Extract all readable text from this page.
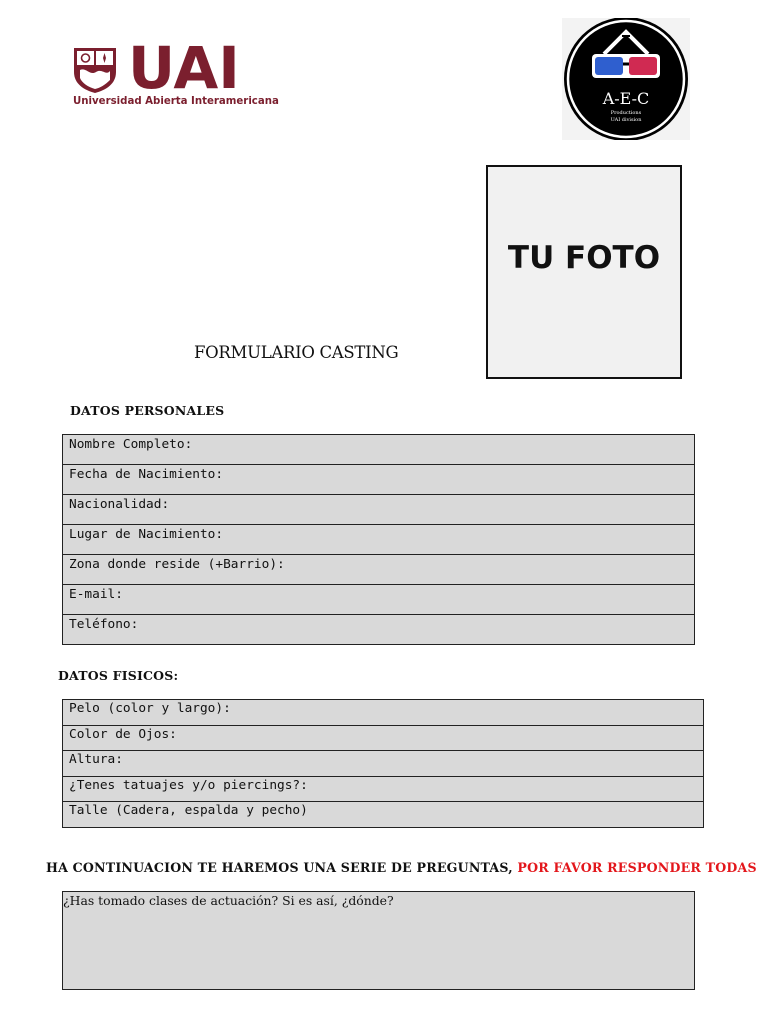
UAI
Universidad Abierta Interamericana	A-E-C
Productions
UAI division
TU FOTO
FORMULARIO CASTING
DATOS PERSONALES
Nombre Completo:
Fecha de Nacimiento:
Nacionalidad:
Lugar de Nacimiento:
Zona donde reside (+Barrio):
E-mail:
Teléfono:
DATOS FISICOS:
Pelo (color y largo):
Color de Ojos:
Altura:
¿Tenes tatuajes y/o piercings?:
Talle (Cadera, espalda y pecho)
HA CONTINUACION TE HAREMOS UNA SERIE DE PREGUNTAS, POR FAVOR RESPONDER TODAS
¿Has tomado clases de actuación? Si es así, ¿dónde?
